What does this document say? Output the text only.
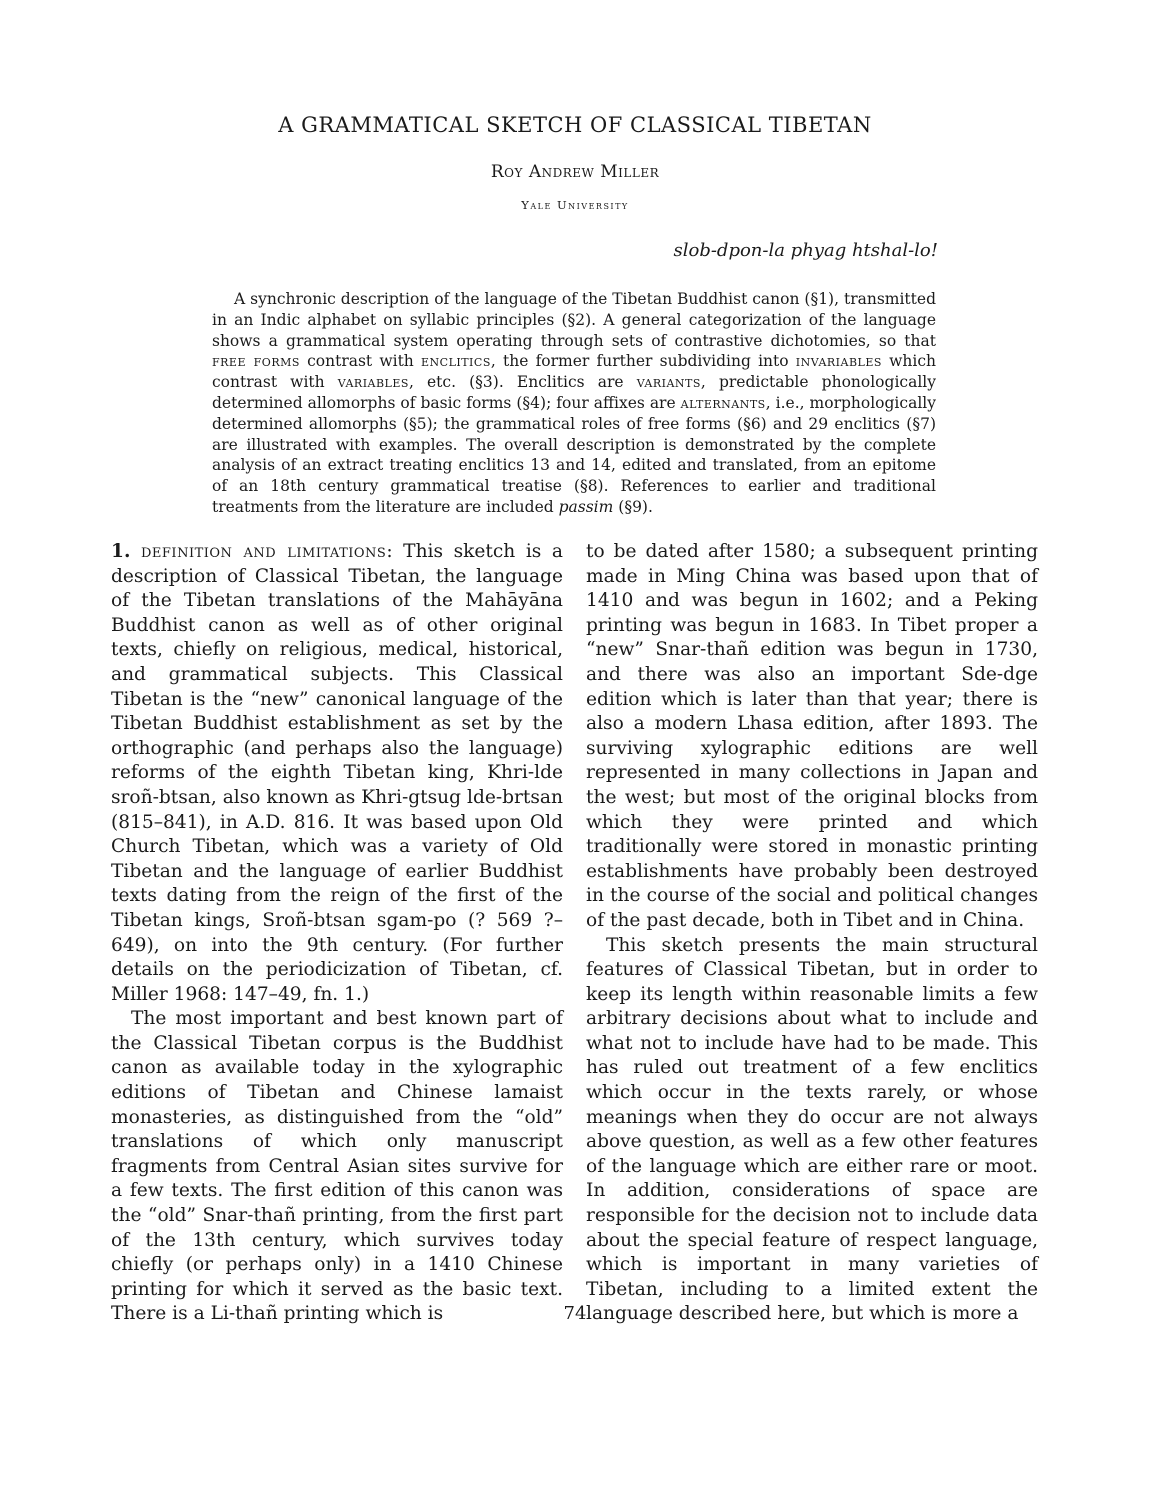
A GRAMMATICAL SKETCH OF CLASSICAL TIBETAN
Roy Andrew Miller
Yale University
slob-dpon-la phyag htshal-lo!

A synchronic description of the language of the Tibetan Buddhist canon (§1), transmitted in an Indic alphabet on syllabic principles (§2). A general categorization of the language shows a grammatical system operating through sets of contrastive dichotomies, so that free forms contrast with enclitics, the former further subdividing into invariables which contrast with variables, etc. (§3). Enclitics are variants, predictable phonologically determined allomorphs of basic forms (§4); four affixes are alternants, i.e., morphologically determined allomorphs (§5); the grammatical roles of free forms (§6) and 29 enclitics (§7) are illustrated with examples. The overall description is demonstrated by the complete analysis of an extract treating enclitics 13 and 14, edited and translated, from an epitome of an 18th century grammatical treatise (§8). References to earlier and traditional treatments from the literature are included passim (§9).

1. definition and limitations: This sketch is a description of Classical Tibetan, the language of the Tibetan translations of the Mahāyāna Buddhist canon as well as of other original texts, chiefly on religious, medical, historical, and grammatical subjects. This Classical Tibetan is the “new” canonical language of the Tibetan Buddhist establishment as set by the orthographic (and perhaps also the language) reforms of the eighth Tibetan king, Khri-lde sroñ-btsan, also known as Khri-gtsug lde-brtsan (815–841), in A.D. 816. It was based upon Old Church Tibetan, which was a variety of Old Tibetan and the language of earlier Buddhist texts dating from the reign of the first of the Tibetan kings, Sroñ-btsan sgam-po (? 569 ?–649), on into the 9th century. (For further details on the periodicization of Tibetan, cf. Miller 1968: 147–49, fn. 1.)

The most important and best known part of the Classical Tibetan corpus is the Buddhist canon as available today in the xylographic editions of Tibetan and Chinese lamaist monasteries, as distinguished from the “old” translations of which only manuscript fragments from Central Asian sites survive for a few texts. The first edition of this canon was the “old” Snar-thañ printing, from the first part of the 13th century, which survives today chiefly (or perhaps only) in a 1410 Chinese printing for which it served as the basic text. There is a Li-thañ printing which is

to be dated after 1580; a subsequent printing made in Ming China was based upon that of 1410 and was begun in 1602; and a Peking printing was begun in 1683. In Tibet proper a “new” Snar-thañ edition was begun in 1730, and there was also an important Sde-dge edition which is later than that year; there is also a modern Lhasa edition, after 1893. The surviving xylographic editions are well represented in many collections in Japan and the west; but most of the original blocks from which they were printed and which traditionally were stored in monastic printing establishments have probably been destroyed in the course of the social and political changes of the past decade, both in Tibet and in China.

This sketch presents the main structural features of Classical Tibetan, but in order to keep its length within reasonable limits a few arbitrary decisions about what to include and what not to include have had to be made. This has ruled out treatment of a few enclitics which occur in the texts rarely, or whose meanings when they do occur are not always above question, as well as a few other features of the language which are either rare or moot. In addition, considerations of space are responsible for the decision not to include data about the special feature of respect language, which is important in many varieties of Tibetan, including to a limited extent the language described here, but which is more a

74
